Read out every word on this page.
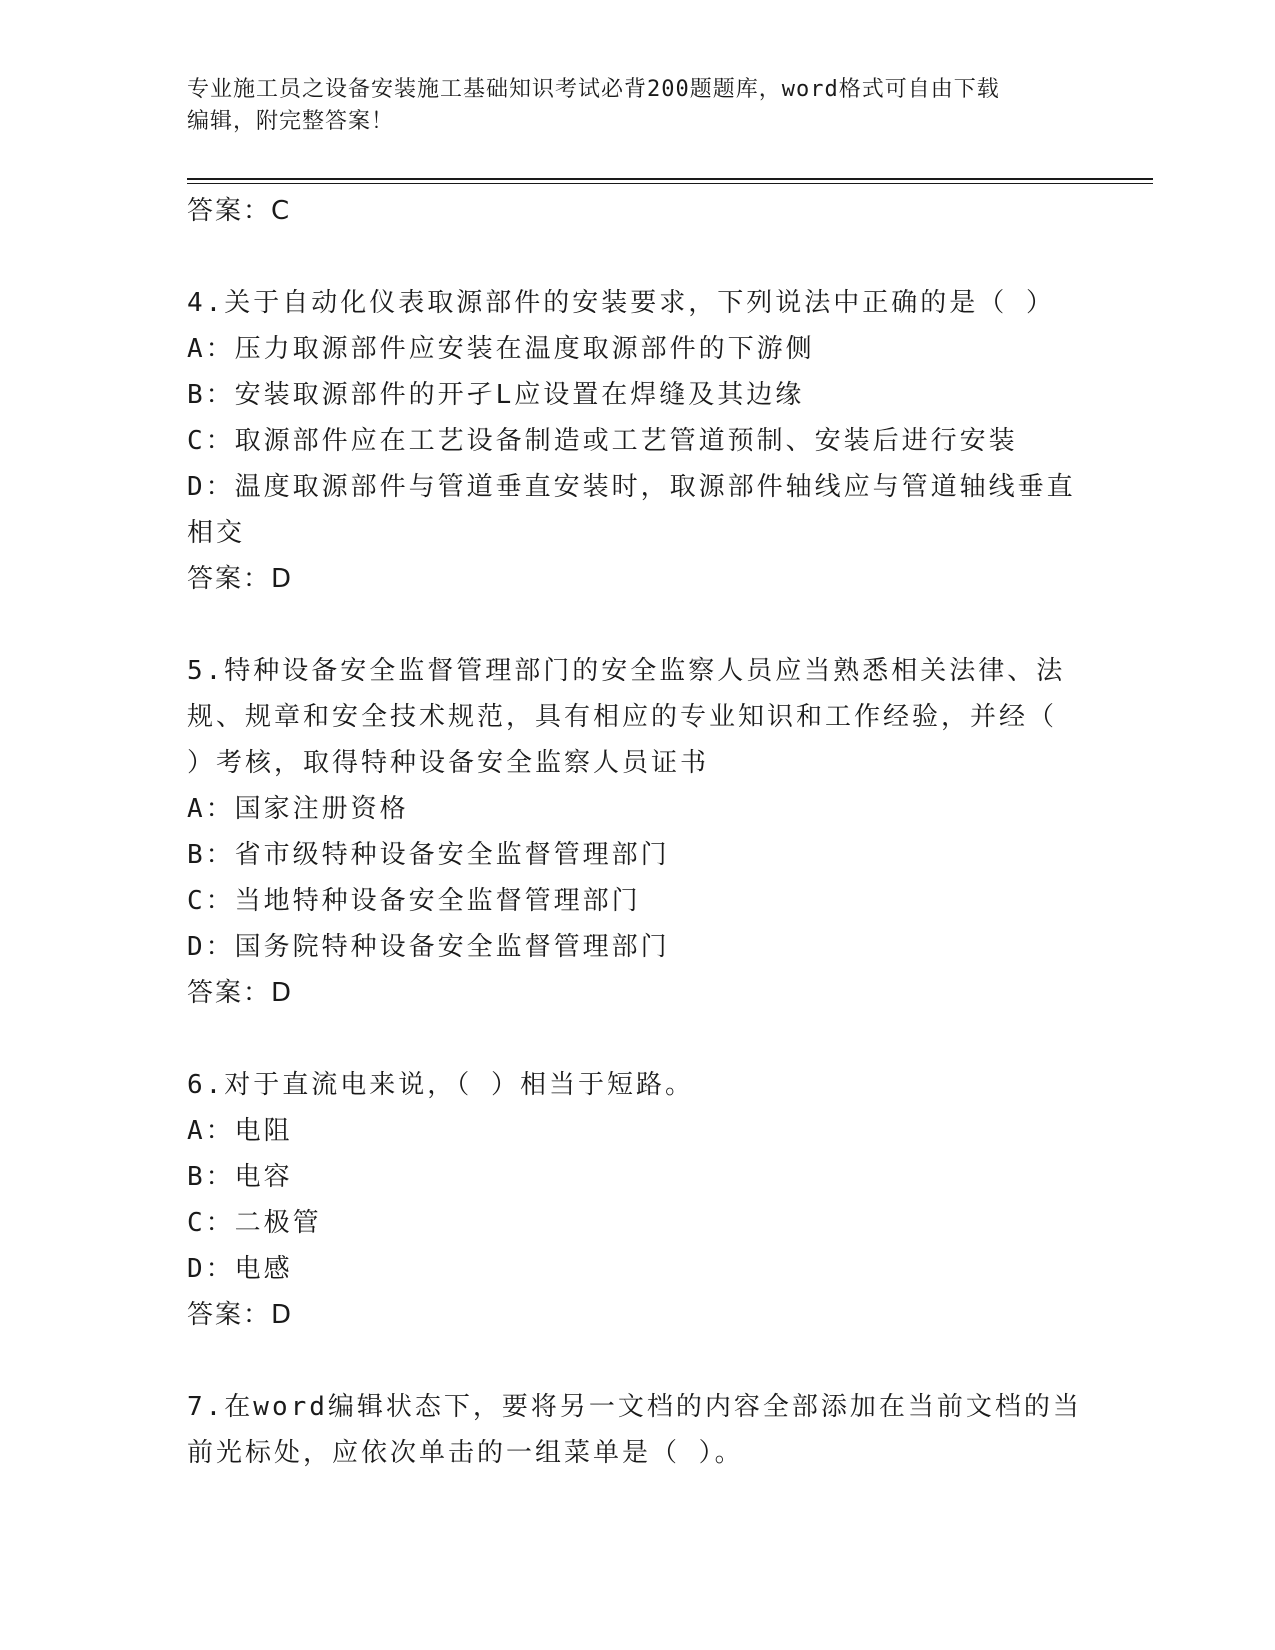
专业施工员之设备安装施工基础知识考试必背200题题库，word格式可自由下载
编辑，附完整答案！
答案：C
4.关于自动化仪表取源部件的安装要求，下列说法中正确的是（ ）
A：压力取源部件应安装在温度取源部件的下游侧
B：安装取源部件的开孑L应设置在焊缝及其边缘
C：取源部件应在工艺设备制造或工艺管道预制、安装后进行安装
D：温度取源部件与管道垂直安装时，取源部件轴线应与管道轴线垂直
相交
答案：D
5.特种设备安全监督管理部门的安全监察人员应当熟悉相关法律、法
规、规章和安全技术规范，具有相应的专业知识和工作经验，并经（
）考核，取得特种设备安全监察人员证书
A：国家注册资格
B：省市级特种设备安全监督管理部门
C：当地特种设备安全监督管理部门
D：国务院特种设备安全监督管理部门
答案：D
6.对于直流电来说，（ ）相当于短路。
A：电阻
B：电容
C：二极管
D：电感
答案：D
7.在word编辑状态下，要将另一文档的内容全部添加在当前文档的当
前光标处，应依次单击的一组菜单是（ ）。
